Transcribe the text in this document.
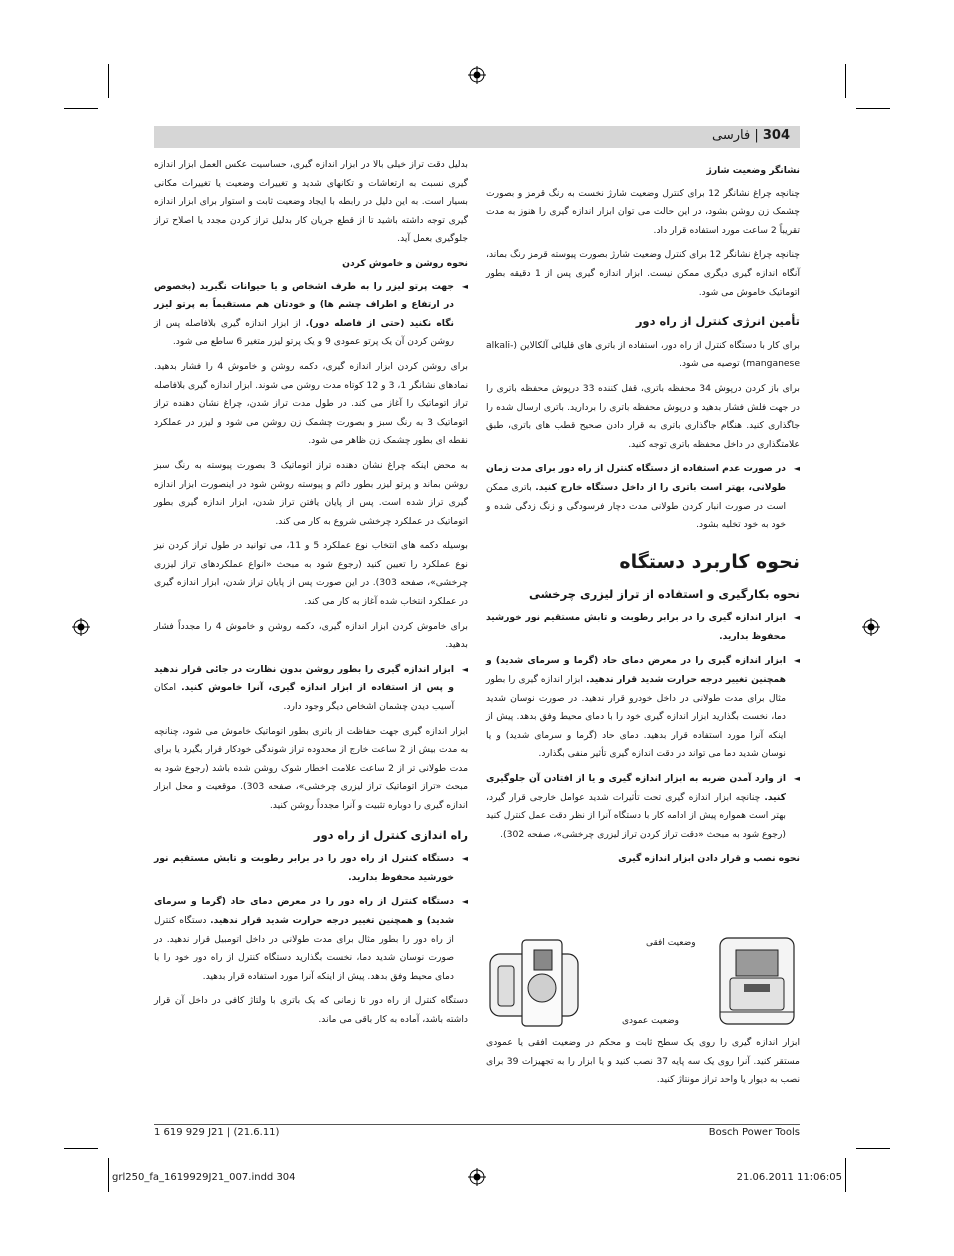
304 | فارسی
نشانگر وضعیت شارژ

چنانچه چراغ نشانگر 12 برای کنترل وضعیت شارژ نخست به رنگ قرمز و بصورت چشمک زن روشن بشود، در این حالت می توان ابزار اندازه گیری را هنوز به مدت تقریباً 2 ساعت مورد استفاده قرار داد.

چنانچه چراغ نشانگر 12 برای کنترل وضعیت شارژ بصورت پیوسته قرمز رنگ بماند، آنگاه اندازه گیری دیگری ممکن نیست. ابزار اندازه گیری پس از 1 دقیقه بطور اتوماتیک خاموش می شود.

تأمین انرژی کنترل از راه دور

برای کار با دستگاه کنترل از راه دور، استفاده از باتری های قلیائی آلکالاین (alkali-manganese) توصیه می شود.

برای باز کردن درپوش 34 محفظه باتری، قفل کننده 33 درپوش محفظه باتری را در جهت فلش فشار بدهید و درپوش محفظه باتری را بردارید. باتری ارسال شده را جاگذاری کنید. هنگام جاگذاری باتری به قرار دادن صحیح قطب های باتری، طبق علامتگذاری در داخل محفظه باتری توجه کنید.

◄
در صورت عدم استفاده از دستگاه کنترل از راه دور برای مدت زمان طولانی، بهتر است باتری را از داخل دستگاه خارج کنید. باتری ممکن است در صورت انبار کردن طولانی مدت دچار فرسودگی و زنگ زدگی شده و خود به خود تخلیه بشود.
نحوه کاربرد دستگاه
نحوه بکارگیری و استفاده از تراز لیزری چرخشی
◄
ابزار اندازه گیری را در برابر رطوبت و تابش مستقیم نور خورشید محفوظ بدارید.
◄
ابزار اندازه گیری را در معرض دمای حاد (گرما و سرمای شدید) و همچنین تغییر درجه حرارت شدید قرار ندهید. ابزار اندازه گیری را بطور مثال برای مدت طولانی در داخل خودرو قرار ندهید. در صورت نوسان شدید دما، نخست بگذارید ابزار اندازه گیری خود را با دمای محیط وفق بدهد. پیش از اینکه آنرا مورد استفاده قرار بدهید. دمای حاد (گرما و سرمای شدید) و یا نوسان شدید دما می تواند در دقت اندازه گیری تأثیر منفی بگذارد.
◄
از وارد آمدن ضربه به ابزار اندازه گیری و یا از افتادن آن جلوگیری کنید. چنانچه ابزار اندازه گیری تحت تأثیرات شدید عوامل خارجی قرار گیرد، بهتر است همواره پیش از ادامه کار با دستگاه آنرا از نظر دقت عمل کنترل کنید (رجوع شود به مبحث «دقت تراز کردن تراز لیزری چرخشی»، صفحه 302).
نحوه نصب و قرار دادن ابزار اندازه گیری
وضعیت افقی
وضعیت عمودی

ابزار اندازه گیری را روی یک سطح ثابت و محکم در وضعیت افقی یا عمودی مستقر کنید. آنرا روی یک سه پایه 37 نصب کنید و یا ابزار را به تجهیزات 39 برای نصب به دیوار یا واحد تراز مونتاژ کنید.

بدلیل دقت تراز خیلی بالا در ابزار اندازه گیری، حساسیت عکس العمل ابزار اندازه گیری نسبت به ارتعاشات و تکانهای شدید و تغییرات وضعیت یا تغییرات مکانی بسیار است. به این دلیل در رابطه با ایجاد وضعیت ثابت و استوار برای ابزار اندازه گیری توجه داشته باشید تا از قطع جریان کار بدلیل تراز کردن مجدد یا اصلاح تراز جلوگیری بعمل آید.

نحوه روشن و خاموش کردن
◄
جهت پرتو لیزر را به طرف اشخاص و یا حیوانات نگیرید (بخصوص در ارتفاع و اطراف چشم ها) و خودتان هم مستقیماً به پرتو لیزر نگاه نکنید (حتی از فاصله دور). از ابزار اندازه گیری بلافاصله پس از روشن کردن آن یک پرتو عمودی 9 و یک پرتو لیزر متغیر 6 ساطع می شود.

برای روشن کردن ابزار اندازه گیری، دکمه روشن و خاموش 4 را فشار بدهید. نمادهای نشانگر 1، 3 و 12 کوتاه مدت روشن می شوند. ابزار اندازه گیری بلافاصله تراز اتوماتیک را آغاز می کند. در طول مدت تراز شدن، چراغ نشان دهنده تراز اتوماتیک 3 به رنگ سبز و بصورت چشمک زن روشن می شود و لیزر در عملکرد نقطه ای بطور چشمک زن ظاهر می شود.

به محض اینکه چراغ نشان دهنده تراز اتوماتیک 3 بصورت پیوسته به رنگ سبز روشن بماند و پرتو لیزر بطور دائم و پیوسته روشن شود در اینصورت ابزار اندازه گیری تراز شده است. پس از پایان یافتن تراز شدن، ابزار اندازه گیری بطور اتوماتیک در عملکرد چرخشی شروع به کار می کند.

بوسیله دکمه های انتخاب نوع عملکرد 5 و 11، می توانید در طول تراز کردن نیز نوع عملکرد را تعیین کنید (رجوع شود به مبحث «انواع عملکردهای تراز لیزری چرخشی»، صفحه 303). در این صورت پس از پایان تراز شدن، ابزار اندازه گیری در عملکرد انتخاب شده آغاز به کار می کند.

برای خاموش کردن ابزار اندازه گیری، دکمه روشن و خاموش 4 را مجدداً فشار بدهید.

◄
ابزار اندازه گیری را بطور روشن بدون نظارت در جائی قرار ندهید و پس از استفاده از ابزار اندازه گیری، آنرا خاموش کنید. امکان آسیب دیدن چشمان اشخاص دیگر وجود دارد.

ابزار اندازه گیری جهت حفاظت از باتری بطور اتوماتیک خاموش می شود، چنانچه به مدت بیش از 2 ساعت خارج از محدوده تراز شوندگی خودکار قرار بگیرد یا برای مدت طولانی تر از 2 ساعت علامت اخطار شوک روشن شده باشد (رجوع شود به مبحث «تراز اتوماتیک تراز لیزری چرخشی»، صفحه 303). موقعیت و محل ابزار اندازه گیری را دوباره تثبیت و آنرا مجدداً روشن کنید.

راه اندازی کنترل از راه دور
◄
دستگاه کنترل از راه دور را در برابر رطوبت و تابش مستقیم نور خورشید محفوظ بدارید.
◄
دستگاه کنترل از راه دور را در معرض دمای حاد (گرما و سرمای شدید) و همچنین تغییر درجه حرارت شدید قرار ندهید. دستگاه کنترل از راه دور را بطور مثال برای مدت طولانی در داخل اتومبیل قرار ندهید. در صورت نوسان شدید دما، نخست بگذارید دستگاه کنترل از راه دور خود را با دمای محیط وفق بدهد. پیش از اینکه آنرا مورد استفاده قرار بدهید.

دستگاه کنترل از راه دور تا زمانی که یک باتری با ولتاژ کافی در داخل آن قرار داشته باشد، آماده به کار باقی می ماند.

1 619 929 J21 | (21.6.11)	Bosch Power Tools
grl250_fa_1619929J21_007.indd 304	21.06.2011 11:06:05
